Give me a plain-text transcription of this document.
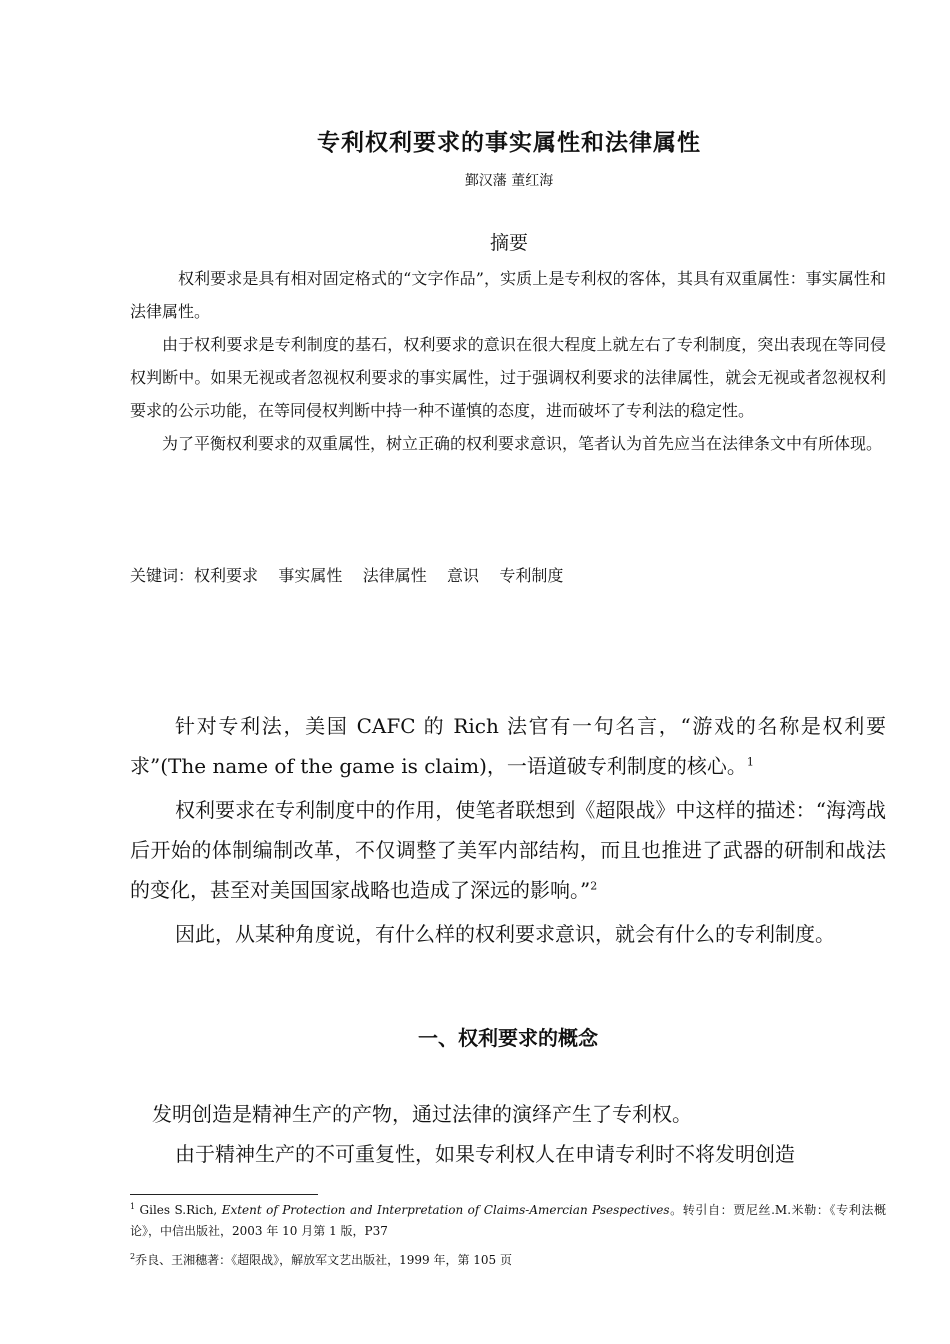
专利权利要求的事实属性和法律属性
鄞汉藩 董红海
摘要

权利要求是具有相对固定格式的“文字作品”，实质上是专利权的客体，其具有双重属性：事实属性和法律属性。

由于权利要求是专利制度的基石，权利要求的意识在很大程度上就左右了专利制度，突出表现在等同侵权判断中。如果无视或者忽视权利要求的事实属性，过于强调权利要求的法律属性，就会无视或者忽视权利要求的公示功能，在等同侵权判断中持一种不谨慎的态度，进而破坏了专利法的稳定性。

为了平衡权利要求的双重属性，树立正确的权利要求意识，笔者认为首先应当在法律条文中有所体现。

关键词：权利要求    事实属性    法律属性    意识    专利制度

针对专利法，美国 CAFC 的 Rich 法官有一句名言，“游戏的名称是权利要求”(The name of the game is claim)，一语道破专利制度的核心。$^1$

权利要求在专利制度中的作用，使笔者联想到《超限战》中这样的描述：“海湾战后开始的体制编制改革，不仅调整了美军内部结构，而且也推进了武器的研制和战法的变化，甚至对美国国家战略也造成了深远的影响。”$^2$

因此，从某种角度说，有什么样的权利要求意识，就会有什么的专利制度。

一、权利要求的概念

发明创造是精神生产的产物，通过法律的演绎产生了专利权。

由于精神生产的不可重复性，如果专利权人在申请专利时不将发明创造

$^1$ Giles S.Rich, Extent of Protection and Interpretation of Claims-Amercian Psespectives。转引自：贾尼丝.M.米勒：《专利法概论》，中信出版社，2003 年 10 月第 1 版，P37
$^2$乔良、王湘穗著：《超限战》，解放军文艺出版社，1999 年，第 105 页
